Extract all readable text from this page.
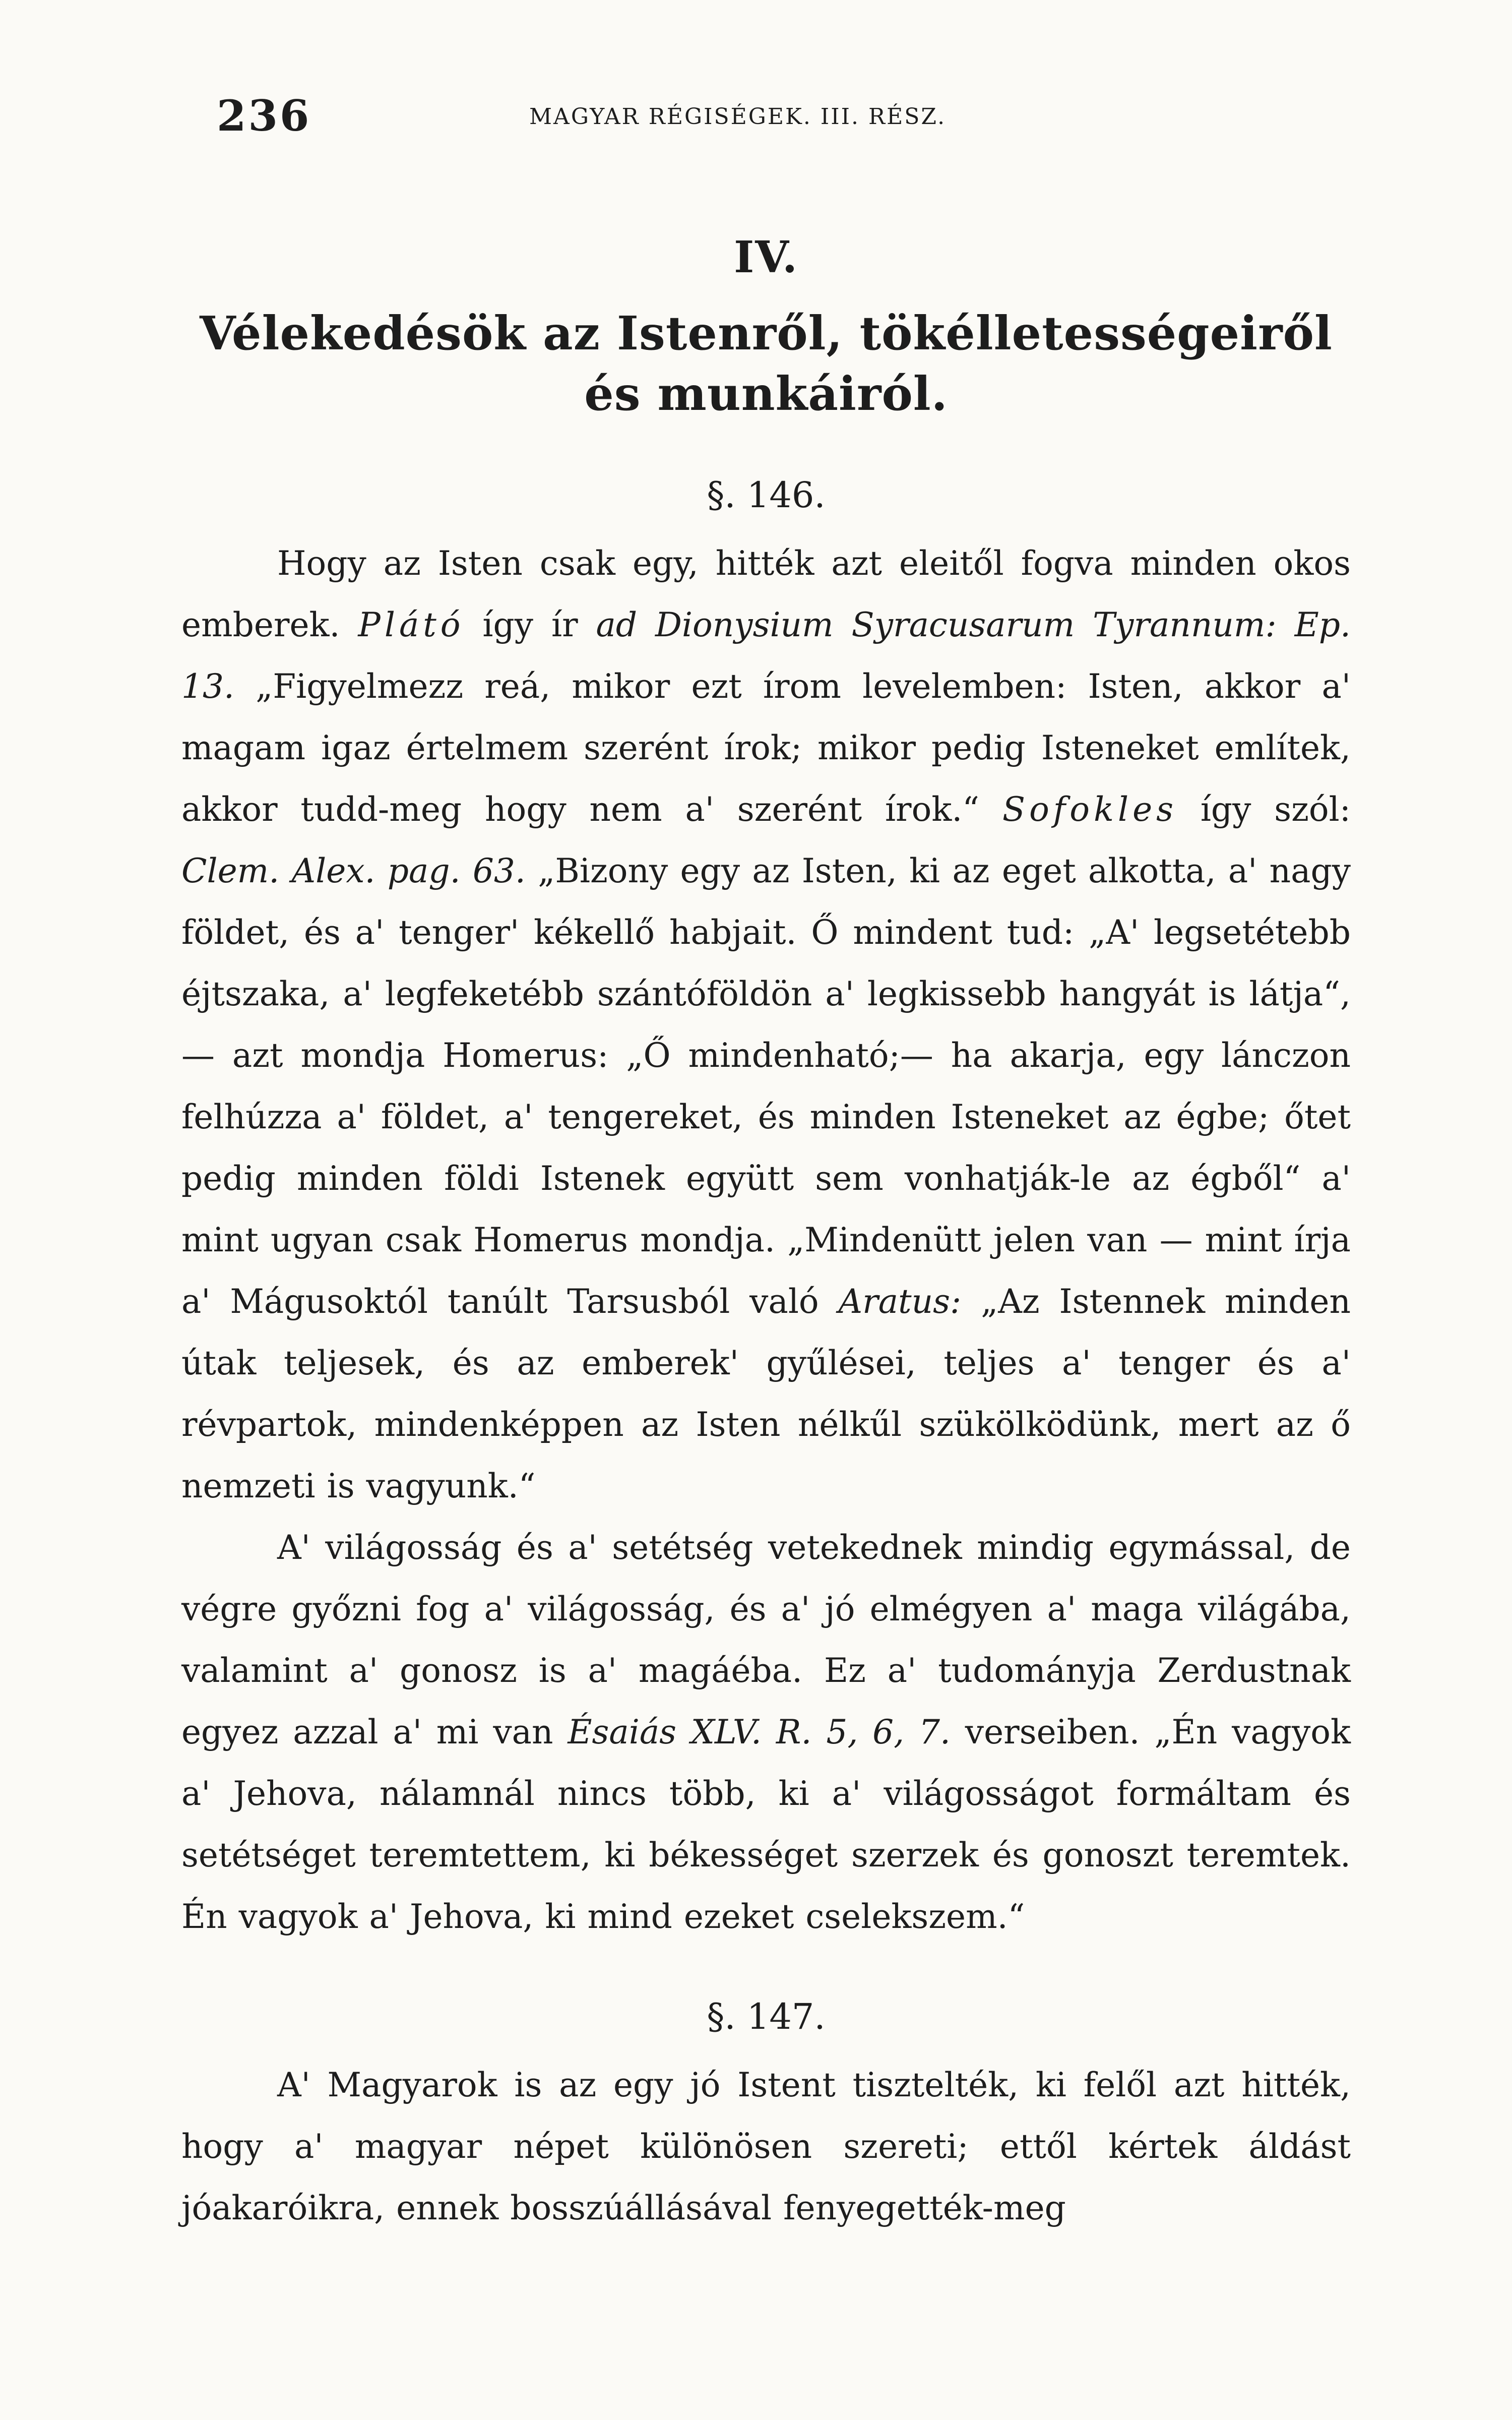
236	MAGYAR RÉGISÉGEK. III. RÉSZ.
IV.
Vélekedésök az Istenről, tökélletességeiről
és munkáiról.
§. 146.

Hogy az Isten csak egy, hitték azt eleitől fogva minden okos emberek. Plátó így ír ad Dionysium Syracusarum Tyrannum: Ep. 13. „Figyelmezz reá, mikor ezt írom levelemben: Isten, akkor a' magam igaz értelmem szerént írok; mikor pedig Isteneket említek, akkor tudd-meg hogy nem a' szerént írok.“ Sofokles így szól: Clem. Alex. pag. 63. „Bizony egy az Isten, ki az eget alkotta, a' nagy földet, és a' tenger' kékellő habjait. Ő mindent tud: „A' legsetétebb éjtszaka, a' legfeketébb szántóföldön a' legkissebb hangyát is látja“, — azt mondja Homerus: „Ő mindenható;— ha akarja, egy lánczon felhúzza a' földet, a' tengereket, és minden Isteneket az égbe; őtet pedig minden földi Istenek együtt sem vonhatják-le az égből“ a' mint ugyan csak Homerus mondja. „Mindenütt jelen van — mint írja a' Mágusoktól tanúlt Tarsusból való Aratus: „Az Istennek minden útak teljesek, és az emberek' gyűlései, teljes a' tenger és a' révpartok, mindenképpen az Isten nélkűl szükölködünk, mert az ő nemzeti is vagyunk.“

A' világosság és a' setétség vetekednek mindig egymással, de végre győzni fog a' világosság, és a' jó elmégyen a' maga világába, valamint a' gonosz is a' magáéba. Ez a' tudományja Zerdustnak egyez azzal a' mi van Ésaiás XLV. R. 5, 6, 7. verseiben. „Én vagyok a' Jehova, nálamnál nincs több, ki a' világosságot formáltam és setétséget teremtettem, ki békességet szerzek és gonoszt teremtek. Én vagyok a' Jehova, ki mind ezeket cselekszem.“

§. 147.

A' Magyarok is az egy jó Istent tisztelték, ki felől azt hitték, hogy a' magyar népet különösen szereti; ettől kértek áldást jóakaróikra, ennek bosszúállásával fenyegették-meg
